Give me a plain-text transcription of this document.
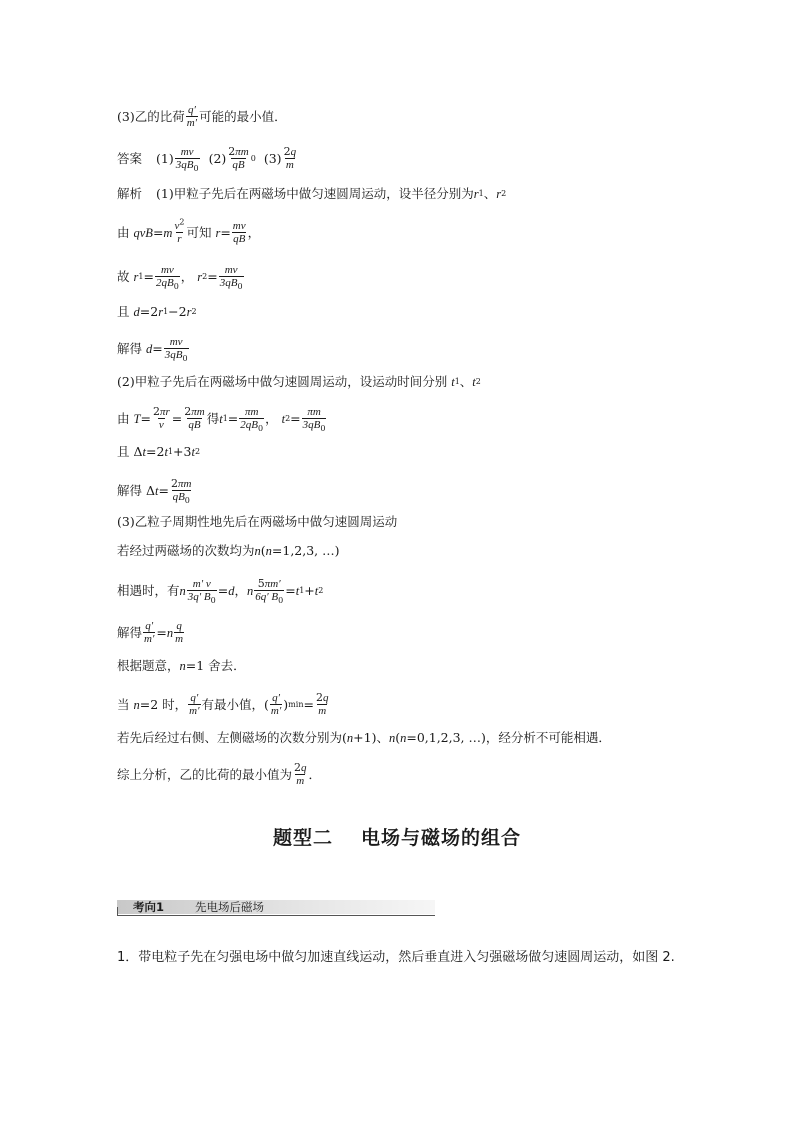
(3)乙的比荷 $\frac{q'}{m'}$ 可能的最小值．
答案 $(1) \frac{mv}{3qB_0} (2) \frac{2\pi m}{qB} 0$ $(3) \frac{2q}{m}$
解析 (1)甲粒子先后在两磁场中做匀速圆周运动，设半径分别为 r 1 、 r 2
由
qvB = m $\frac{v^2}{r}$ 可知
$r = \frac{mv}{qB}$ ，
故
r $1 = \frac{mv}{2qB_0}$ ，
r $2 = \frac{mv}{3qB_0}$
且
d =2 r 1 −2 r 2
解得
$d = \frac{mv}{3qB_0}$
(2)甲粒子先后在两磁场中做匀速圆周运动，设运动时间分别
t 1 、 t 2
由
$T = \frac{2\pi r}{v} = \frac{2\pi m}{qB}$ 得 t $1 = \frac{\pi m}{2qB_0}$ ，
t $2 = \frac{\pi m}{3qB_0}$
且 Δ t =2 t 1 +3 t 2
解得 Δ $t = \frac{2\pi m}{qB_0}$
(3)乙粒子周期性地先后在两磁场中做匀速圆周运动
若经过两磁场的次数均为 n ( n =1,2,3, …)
相遇时，有 n $\frac{m' v}{3q' B_0} = d$ ， n $\frac{5\pi m'}{6q' B_0} = t$ 1 + t 2
解得 $\frac{q'}{m'} = n \frac{q}{m}$
根据题意， n =1 舍去．
当
n =2 时， $\frac{q'}{m'}$ 有最小值， ( $\frac{q'}{m'}$ ) $\min = \frac{2q}{m}$
若先后经过右侧、左侧磁场的次数分别为( n +1)、 n ( n =0,1,2,3, …)，经分析不可能相遇．
综上分析，乙的比荷的最小值为 $\frac{2q}{m}$ ．
题型二 电场与磁场的组合
考向1	先电场后磁场
1．带电粒子先在匀强电场中做匀加速直线运动，然后垂直进入匀强磁场做匀速圆周运动，如图 2.
